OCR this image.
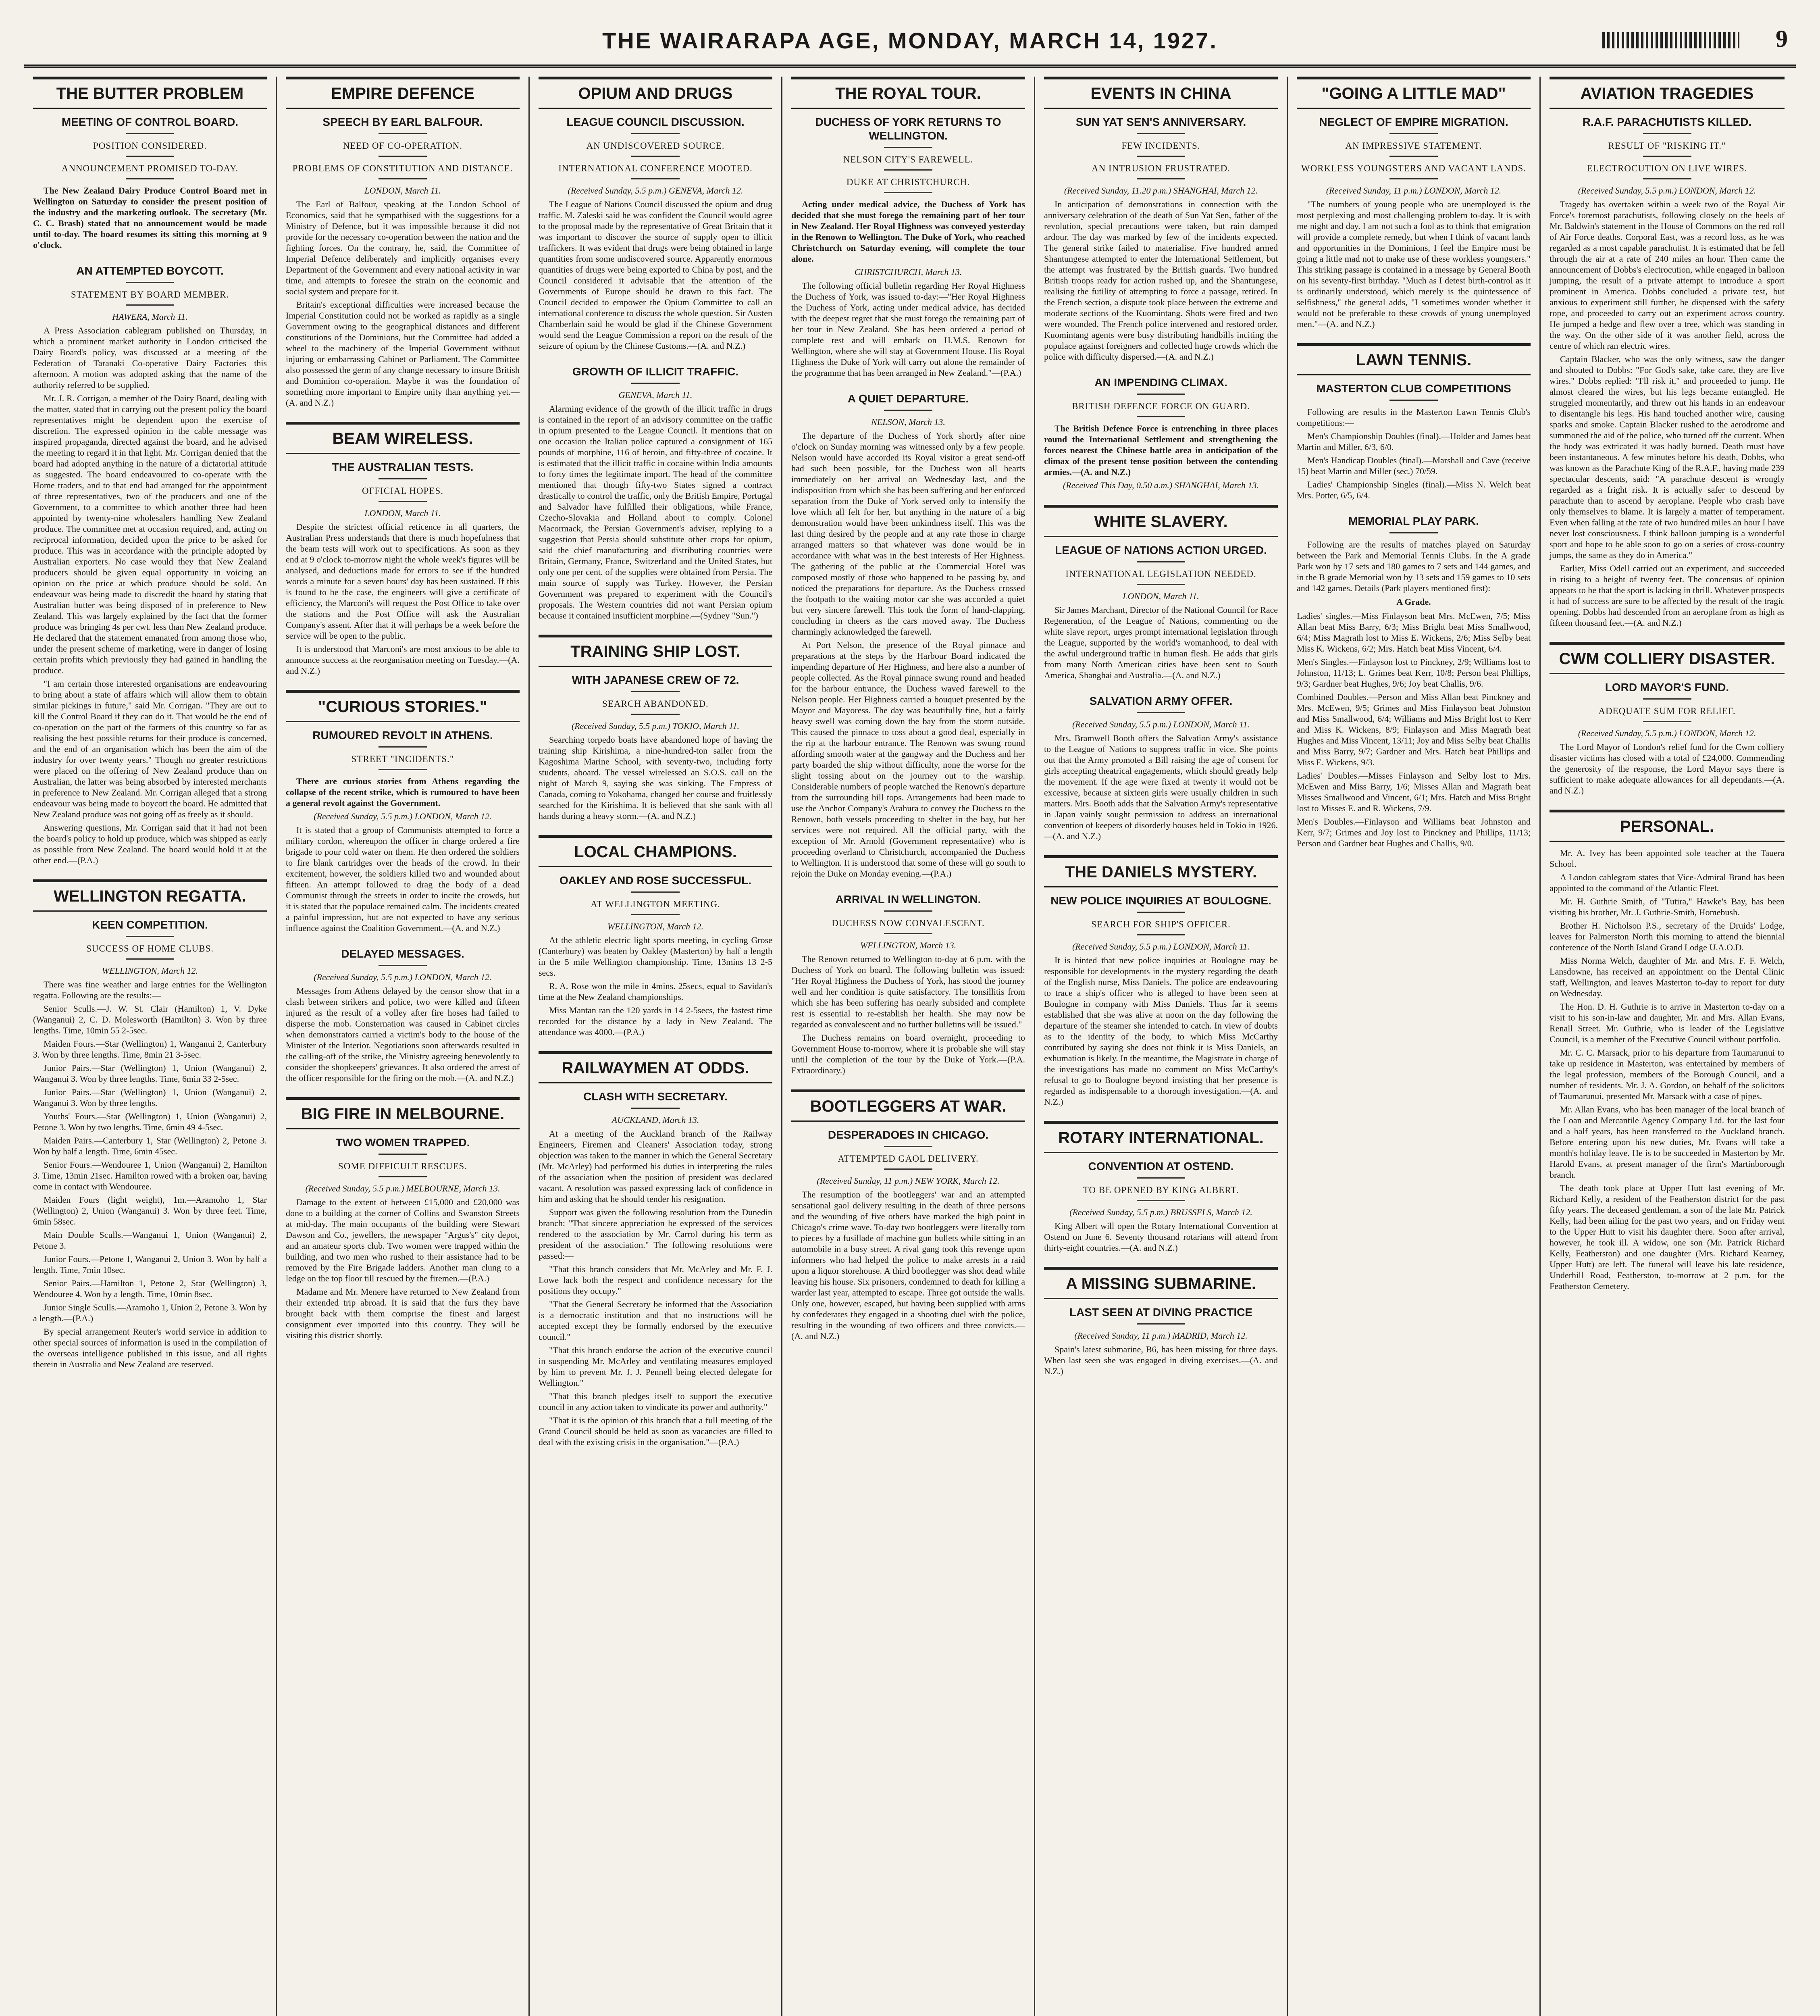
THE WAIRARAPA AGE, MONDAY, MARCH 14, 1927.	9
THE BUTTER PROBLEM
MEETING OF CONTROL BOARD.
POSITION CONSIDERED.
ANNOUNCEMENT PROMISED TO-DAY.

The New Zealand Dairy Produce Control Board met in Wellington on Saturday to consider the present position of the industry and the marketing outlook. The secretary (Mr. C. C. Brash) stated that no announcement would be made until to-day. The board resumes its sitting this morning at 9 o'clock.

AN ATTEMPTED BOYCOTT.
STATEMENT BY BOARD MEMBER.
HAWERA, March 11.

A Press Association cablegram published on Thursday, in which a prominent market authority in London criticised the Dairy Board's policy, was discussed at a meeting of the Federation of Taranaki Co-operative Dairy Factories this afternoon. A motion was adopted asking that the name of the authority referred to be supplied.

Mr. J. R. Corrigan, a member of the Dairy Board, dealing with the matter, stated that in carrying out the present policy the board representatives might be dependent upon the exercise of discretion. The expressed opinion in the cable message was inspired propaganda, directed against the board, and he advised the meeting to regard it in that light. Mr. Corrigan denied that the board had adopted anything in the nature of a dictatorial attitude as suggested. The board endeavoured to co-operate with the Home traders, and to that end had arranged for the appointment of three representatives, two of the producers and one of the Government, to a committee to which another three had been appointed by twenty-nine wholesalers handling New Zealand produce. The committee met at occasion required, and, acting on reciprocal information, decided upon the price to be asked for produce. This was in accordance with the principle adopted by Australian exporters. No case would they that New Zealand producers should be given equal opportunity in voicing an opinion on the price at which produce should be sold. An endeavour was being made to discredit the board by stating that Australian butter was being disposed of in preference to New Zealand. This was largely explained by the fact that the former produce was bringing 4s per cwt. less than New Zealand produce. He declared that the statement emanated from among those who, under the present scheme of marketing, were in danger of losing certain profits which previously they had gained in handling the produce.

"I am certain those interested organisations are endeavouring to bring about a state of affairs which will allow them to obtain similar pickings in future," said Mr. Corrigan. "They are out to kill the Control Board if they can do it. That would be the end of co-operation on the part of the farmers of this country so far as realising the best possible returns for their produce is concerned, and the end of an organisation which has been the aim of the industry for over twenty years." Though no greater restrictions were placed on the offering of New Zealand produce than on Australian, the latter was being absorbed by interested merchants in preference to New Zealand. Mr. Corrigan alleged that a strong endeavour was being made to boycott the board. He admitted that New Zealand produce was not going off as freely as it should.

Answering questions, Mr. Corrigan said that it had not been the board's policy to hold up produce, which was shipped as early as possible from New Zealand. The board would hold it at the other end.—(P.A.)

WELLINGTON REGATTA.
KEEN COMPETITION.
SUCCESS OF HOME CLUBS.
WELLINGTON, March 12.

There was fine weather and large entries for the Wellington regatta. Following are the results:—

Senior Sculls.—J. W. St. Clair (Hamilton) 1, V. Dyke (Wanganui) 2, C. D. Molesworth (Hamilton) 3. Won by three lengths. Time, 10min 55 2-5sec.

Maiden Fours.—Star (Wellington) 1, Wanganui 2, Canterbury 3. Won by three lengths. Time, 8min 21 3-5sec.

Junior Pairs.—Star (Wellington) 1, Union (Wanganui) 2, Wanganui 3. Won by three lengths. Time, 6min 33 2-5sec.

Junior Pairs.—Star (Wellington) 1, Union (Wanganui) 2, Wanganui 3. Won by three lengths.

Youths' Fours.—Star (Wellington) 1, Union (Wanganui) 2, Petone 3. Won by two lengths. Time, 6min 49 4-5sec.

Maiden Pairs.—Canterbury 1, Star (Wellington) 2, Petone 3. Won by half a length. Time, 6min 45sec.

Senior Fours.—Wendouree 1, Union (Wanganui) 2, Hamilton 3. Time, 13min 21sec. Hamilton rowed with a broken oar, having come in contact with Wendouree.

Maiden Fours (light weight), 1m.—Aramoho 1, Star (Wellington) 2, Union (Wanganui) 3. Won by three feet. Time, 6min 58sec.

Main Double Sculls.—Wanganui 1, Union (Wanganui) 2, Petone 3.

Junior Fours.—Petone 1, Wanganui 2, Union 3. Won by half a length. Time, 7min 10sec.

Senior Pairs.—Hamilton 1, Petone 2, Star (Wellington) 3, Wendouree 4. Won by a length. Time, 10min 8sec.

Junior Single Sculls.—Aramoho 1, Union 2, Petone 3. Won by a length.—(P.A.)

By special arrangement Reuter's world service in addition to other special sources of information is used in the compilation of the overseas intelligence published in this issue, and all rights therein in Australia and New Zealand are reserved.

EMPIRE DEFENCE
SPEECH BY EARL BALFOUR.
NEED OF CO-OPERATION.
PROBLEMS OF CONSTITUTION AND DISTANCE.
LONDON, March 11.

The Earl of Balfour, speaking at the London School of Economics, said that he sympathised with the suggestions for a Ministry of Defence, but it was impossible because it did not provide for the necessary co-operation between the nation and the fighting forces. On the contrary, he, said, the Committee of Imperial Defence deliberately and implicitly organises every Department of the Government and every national activity in war time, and attempts to foresee the strain on the economic and social system and prepare for it.

Britain's exceptional difficulties were increased because the Imperial Constitution could not be worked as rapidly as a single Government owing to the geographical distances and different constitutions of the Dominions, but the Committee had added a wheel to the machinery of the Imperial Government without injuring or embarrassing Cabinet or Parliament. The Committee also possessed the germ of any change necessary to insure British and Dominion co-operation. Maybe it was the foundation of something more important to Empire unity than anything yet.—(A. and N.Z.)

BEAM WIRELESS.
THE AUSTRALIAN TESTS.
OFFICIAL HOPES.
LONDON, March 11.

Despite the strictest official reticence in all quarters, the Australian Press understands that there is much hopefulness that the beam tests will work out to specifications. As soon as they end at 9 o'clock to-morrow night the whole week's figures will be analysed, and deductions made for errors to see if the hundred words a minute for a seven hours' day has been sustained. If this is found to be the case, the engineers will give a certificate of efficiency, the Marconi's will request the Post Office to take over the stations and the Post Office will ask the Australian Company's assent. After that it will perhaps be a week before the service will be open to the public.

It is understood that Marconi's are most anxious to be able to announce success at the reorganisation meeting on Tuesday.—(A. and N.Z.)

"CURIOUS STORIES."
RUMOURED REVOLT IN ATHENS.
STREET "INCIDENTS."

There are curious stories from Athens regarding the collapse of the recent strike, which is rumoured to have been a general revolt against the Government.

(Received Sunday, 5.5 p.m.) LONDON, March 12.

It is stated that a group of Communists attempted to force a military cordon, whereupon the officer in charge ordered a fire brigade to pour cold water on them. He then ordered the soldiers to fire blank cartridges over the heads of the crowd. In their excitement, however, the soldiers killed two and wounded about fifteen. An attempt followed to drag the body of a dead Communist through the streets in order to incite the crowds, but it is stated that the populace remained calm. The incidents created a painful impression, but are not expected to have any serious influence against the Coalition Government.—(A. and N.Z.)

DELAYED MESSAGES.
(Received Sunday, 5.5 p.m.) LONDON, March 12.

Messages from Athens delayed by the censor show that in a clash between strikers and police, two were killed and fifteen injured as the result of a volley after fire hoses had failed to disperse the mob. Consternation was caused in Cabinet circles when demonstrators carried a victim's body to the house of the Minister of the Interior. Negotiations soon afterwards resulted in the calling-off of the strike, the Ministry agreeing benevolently to consider the shopkeepers' grievances. It also ordered the arrest of the officer responsible for the firing on the mob.—(A. and N.Z.)

BIG FIRE IN MELBOURNE.
TWO WOMEN TRAPPED.
SOME DIFFICULT RESCUES.
(Received Sunday, 5.5 p.m.) MELBOURNE, March 13.

Damage to the extent of between £15,000 and £20,000 was done to a building at the corner of Collins and Swanston Streets at mid-day. The main occupants of the building were Stewart Dawson and Co., jewellers, the newspaper "Argus's" city depot, and an amateur sports club. Two women were trapped within the building, and two men who rushed to their assistance had to be removed by the Fire Brigade ladders. Another man clung to a ledge on the top floor till rescued by the firemen.—(P.A.)

Madame and Mr. Menere have returned to New Zealand from their extended trip abroad. It is said that the furs they have brought back with them comprise the finest and largest consignment ever imported into this country. They will be visiting this district shortly.

OPIUM AND DRUGS
LEAGUE COUNCIL DISCUSSION.
AN UNDISCOVERED SOURCE.
INTERNATIONAL CONFERENCE MOOTED.
(Received Sunday, 5.5 p.m.) GENEVA, March 12.

The League of Nations Council discussed the opium and drug traffic. M. Zaleski said he was confident the Council would agree to the proposal made by the representative of Great Britain that it was important to discover the source of supply open to illicit traffickers. It was evident that drugs were being obtained in large quantities from some undiscovered source. Apparently enormous quantities of drugs were being exported to China by post, and the Council considered it advisable that the attention of the Governments of Europe should be drawn to this fact. The Council decided to empower the Opium Committee to call an international conference to discuss the whole question. Sir Austen Chamberlain said he would be glad if the Chinese Government would send the League Commission a report on the result of the seizure of opium by the Chinese Customs.—(A. and N.Z.)

GROWTH OF ILLICIT TRAFFIC.
GENEVA, March 11.

Alarming evidence of the growth of the illicit traffic in drugs is contained in the report of an advisory committee on the traffic in opium presented to the League Council. It mentions that on one occasion the Italian police captured a consignment of 165 pounds of morphine, 116 of heroin, and fifty-three of cocaine. It is estimated that the illicit traffic in cocaine within India amounts to forty times the legitimate import. The head of the committee mentioned that though fifty-two States signed a contract drastically to control the traffic, only the British Empire, Portugal and Salvador have fulfilled their obligations, while France, Czecho-Slovakia and Holland about to comply. Colonel Macormack, the Persian Government's adviser, replying to a suggestion that Persia should substitute other crops for opium, said the chief manufacturing and distributing countries were Britain, Germany, France, Switzerland and the United States, but only one per cent. of the supplies were obtained from Persia. The main source of supply was Turkey. However, the Persian Government was prepared to experiment with the Council's proposals. The Western countries did not want Persian opium because it contained insufficient morphine.—(Sydney "Sun.")

TRAINING SHIP LOST.
WITH JAPANESE CREW OF 72.
SEARCH ABANDONED.
(Received Sunday, 5.5 p.m.) TOKIO, March 11.

Searching torpedo boats have abandoned hope of having the training ship Kirishima, a nine-hundred-ton sailer from the Kagoshima Marine School, with seventy-two, including forty students, aboard. The vessel wirelessed an S.O.S. call on the night of March 9, saying she was sinking. The Empress of Canada, coming to Yokohama, changed her course and fruitlessly searched for the Kirishima. It is believed that she sank with all hands during a heavy storm.—(A. and N.Z.)

LOCAL CHAMPIONS.
OAKLEY AND ROSE SUCCESSFUL.
AT WELLINGTON MEETING.
WELLINGTON, March 12.

At the athletic electric light sports meeting, in cycling Grose (Canterbury) was beaten by Oakley (Masterton) by half a length in the 5 mile Wellington championship. Time, 13mins 13 2-5 secs.

R. A. Rose won the mile in 4mins. 25secs, equal to Savidan's time at the New Zealand championships.

Miss Mantan ran the 120 yards in 14 2-5secs, the fastest time recorded for the distance by a lady in New Zealand. The attendance was 4000.—(P.A.)

RAILWAYMEN AT ODDS.
CLASH WITH SECRETARY.
AUCKLAND, March 13.

At a meeting of the Auckland branch of the Railway Engineers, Firemen and Cleaners' Association today, strong objection was taken to the manner in which the General Secretary (Mr. McArley) had performed his duties in interpreting the rules of the association when the position of president was declared vacant. A resolution was passed expressing lack of confidence in him and asking that he should tender his resignation.

Support was given the following resolution from the Dunedin branch: "That sincere appreciation be expressed of the services rendered to the association by Mr. Carrol during his term as president of the association." The following resolutions were passed:—

"That this branch considers that Mr. McArley and Mr. F. J. Lowe lack both the respect and confidence necessary for the positions they occupy."

"That the General Secretary be informed that the Association is a democratic institution and that no instructions will be accepted except they be formally endorsed by the executive council."

"That this branch endorse the action of the executive council in suspending Mr. McArley and ventilating measures employed by him to prevent Mr. J. J. Pennell being elected delegate for Wellington."

"That this branch pledges itself to support the executive council in any action taken to vindicate its power and authority."

"That it is the opinion of this branch that a full meeting of the Grand Council should be held as soon as vacancies are filled to deal with the existing crisis in the organisation."—(P.A.)

THE ROYAL TOUR.
DUCHESS OF YORK RETURNS TO WELLINGTON.
NELSON CITY'S FAREWELL.
DUKE AT CHRISTCHURCH.

Acting under medical advice, the Duchess of York has decided that she must forego the remaining part of her tour in New Zealand. Her Royal Highness was conveyed yesterday in the Renown to Wellington. The Duke of York, who reached Christchurch on Saturday evening, will complete the tour alone.

CHRISTCHURCH, March 13.

The following official bulletin regarding Her Royal Highness the Duchess of York, was issued to-day:—"Her Royal Highness the Duchess of York, acting under medical advice, has decided with the deepest regret that she must forego the remaining part of her tour in New Zealand. She has been ordered a period of complete rest and will embark on H.M.S. Renown for Wellington, where she will stay at Government House. His Royal Highness the Duke of York will carry out alone the remainder of the programme that has been arranged in New Zealand."—(P.A.)

A QUIET DEPARTURE.
NELSON, March 13.

The departure of the Duchess of York shortly after nine o'clock on Sunday morning was witnessed only by a few people. Nelson would have accorded its Royal visitor a great send-off had such been possible, for the Duchess won all hearts immediately on her arrival on Wednesday last, and the indisposition from which she has been suffering and her enforced separation from the Duke of York served only to intensify the love which all felt for her, but anything in the nature of a big demonstration would have been unkindness itself. This was the last thing desired by the people and at any rate those in charge arranged matters so that whatever was done would be in accordance with what was in the best interests of Her Highness. The gathering of the public at the Commercial Hotel was composed mostly of those who happened to be passing by, and noticed the preparations for departure. As the Duchess crossed the footpath to the waiting motor car she was accorded a quiet but very sincere farewell. This took the form of hand-clapping, concluding in cheers as the cars moved away. The Duchess charmingly acknowledged the farewell.

At Port Nelson, the presence of the Royal pinnace and preparations at the steps by the Harbour Board indicated the impending departure of Her Highness, and here also a number of people collected. As the Royal pinnace swung round and headed for the harbour entrance, the Duchess waved farewell to the Nelson people. Her Highness carried a bouquet presented by the Mayor and Mayoress. The day was beautifully fine, but a fairly heavy swell was coming down the bay from the storm outside. This caused the pinnace to toss about a good deal, especially in the rip at the harbour entrance. The Renown was swung round affording smooth water at the gangway and the Duchess and her party boarded the ship without difficulty, none the worse for the slight tossing about on the journey out to the warship. Considerable numbers of people watched the Renown's departure from the surrounding hill tops. Arrangements had been made to use the Anchor Company's Arahura to convey the Duchess to the Renown, both vessels proceeding to shelter in the bay, but her services were not required. All the official party, with the exception of Mr. Arnold (Government representative) who is proceeding overland to Christchurch, accompanied the Duchess to Wellington. It is understood that some of these will go south to rejoin the Duke on Monday evening.—(P.A.)

ARRIVAL IN WELLINGTON.
DUCHESS NOW CONVALESCENT.
WELLINGTON, March 13.

The Renown returned to Wellington to-day at 6 p.m. with the Duchess of York on board. The following bulletin was issued: "Her Royal Highness the Duchess of York, has stood the journey well and her condition is quite satisfactory. The tonsillitis from which she has been suffering has nearly subsided and complete rest is essential to re-establish her health. She may now be regarded as convalescent and no further bulletins will be issued."

The Duchess remains on board overnight, proceeding to Government House to-morrow, where it is probable she will stay until the completion of the tour by the Duke of York.—(P.A. Extraordinary.)

BOOTLEGGERS AT WAR.
DESPERADOES IN CHICAGO.
ATTEMPTED GAOL DELIVERY.
(Received Sunday, 11 p.m.) NEW YORK, March 12.

The resumption of the bootleggers' war and an attempted sensational gaol delivery resulting in the death of three persons and the wounding of five others have marked the high point in Chicago's crime wave. To-day two bootleggers were literally torn to pieces by a fusillade of machine gun bullets while sitting in an automobile in a busy street. A rival gang took this revenge upon informers who had helped the police to make arrests in a raid upon a liquor storehouse. A third bootlegger was shot dead while leaving his house. Six prisoners, condemned to death for killing a warder last year, attempted to escape. Three got outside the walls. Only one, however, escaped, but having been supplied with arms by confederates they engaged in a shooting duel with the police, resulting in the wounding of two officers and three convicts.—(A. and N.Z.)

EVENTS IN CHINA
SUN YAT SEN'S ANNIVERSARY.
FEW INCIDENTS.
AN INTRUSION FRUSTRATED.
(Received Sunday, 11.20 p.m.) SHANGHAI, March 12.

In anticipation of demonstrations in connection with the anniversary celebration of the death of Sun Yat Sen, father of the revolution, special precautions were taken, but rain damped ardour. The day was marked by few of the incidents expected. The general strike failed to materialise. Five hundred armed Shantungese attempted to enter the International Settlement, but the attempt was frustrated by the British guards. Two hundred British troops ready for action rushed up, and the Shantungese, realising the futility of attempting to force a passage, retired. In the French section, a dispute took place between the extreme and moderate sections of the Kuomintang. Shots were fired and two were wounded. The French police intervened and restored order. Kuomintang agents were busy distributing handbills inciting the populace against foreigners and collected huge crowds which the police with difficulty dispersed.—(A. and N.Z.)

AN IMPENDING CLIMAX.
BRITISH DEFENCE FORCE ON GUARD.

The British Defence Force is entrenching in three places round the International Settlement and strengthening the forces nearest the Chinese battle area in anticipation of the climax of the present tense position between the contending armies.—(A. and N.Z.)

(Received This Day, 0.50 a.m.) SHANGHAI, March 13.
WHITE SLAVERY.
LEAGUE OF NATIONS ACTION URGED.
INTERNATIONAL LEGISLATION NEEDED.
LONDON, March 11.

Sir James Marchant, Director of the National Council for Race Regeneration, of the League of Nations, commenting on the white slave report, urges prompt international legislation through the League, supported by the world's womanhood, to deal with the awful underground traffic in human flesh. He adds that girls from many North American cities have been sent to South America, Shanghai and Australia.—(A. and N.Z.)

SALVATION ARMY OFFER.
(Received Sunday, 5.5 p.m.) LONDON, March 11.

Mrs. Bramwell Booth offers the Salvation Army's assistance to the League of Nations to suppress traffic in vice. She points out that the Army promoted a Bill raising the age of consent for girls accepting theatrical engagements, which should greatly help the movement. If the age were fixed at twenty it would not be excessive, because at sixteen girls were usually children in such matters. Mrs. Booth adds that the Salvation Army's representative in Japan vainly sought permission to address an international convention of keepers of disorderly houses held in Tokio in 1926.—(A. and N.Z.)

THE DANIELS MYSTERY.
NEW POLICE INQUIRIES AT BOULOGNE.
SEARCH FOR SHIP'S OFFICER.
(Received Sunday, 5.5 p.m.) LONDON, March 11.

It is hinted that new police inquiries at Boulogne may be responsible for developments in the mystery regarding the death of the English nurse, Miss Daniels. The police are endeavouring to trace a ship's officer who is alleged to have been seen at Boulogne in company with Miss Daniels. Thus far it seems established that she was alive at noon on the day following the departure of the steamer she intended to catch. In view of doubts as to the identity of the body, to which Miss McCarthy contributed by saying she does not think it is Miss Daniels, an exhumation is likely. In the meantime, the Magistrate in charge of the investigations has made no comment on Miss McCarthy's refusal to go to Boulogne beyond insisting that her presence is regarded as indispensable to a thorough investigation.—(A. and N.Z.)

ROTARY INTERNATIONAL.
CONVENTION AT OSTEND.
TO BE OPENED BY KING ALBERT.
(Received Sunday, 5.5 p.m.) BRUSSELS, March 12.

King Albert will open the Rotary International Convention at Ostend on June 6. Seventy thousand rotarians will attend from thirty-eight countries.—(A. and N.Z.)

A MISSING SUBMARINE.
LAST SEEN AT DIVING PRACTICE
(Received Sunday, 11 p.m.) MADRID, March 12.

Spain's latest submarine, B6, has been missing for three days. When last seen she was engaged in diving exercises.—(A. and N.Z.)

"GOING A LITTLE MAD"
NEGLECT OF EMPIRE MIGRATION.
AN IMPRESSIVE STATEMENT.
WORKLESS YOUNGSTERS AND VACANT LANDS.
(Received Sunday, 11 p.m.) LONDON, March 12.

"The numbers of young people who are unemployed is the most perplexing and most challenging problem to-day. It is with me night and day. I am not such a fool as to think that emigration will provide a complete remedy, but when I think of vacant lands and opportunities in the Dominions, I feel the Empire must be going a little mad not to make use of these workless youngsters." This striking passage is contained in a message by General Booth on his seventy-first birthday. "Much as I detest birth-control as it is ordinarily understood, which merely is the quintessence of selfishness," the general adds, "I sometimes wonder whether it would not be preferable to these crowds of young unemployed men."—(A. and N.Z.)

LAWN TENNIS.
MASTERTON CLUB COMPETITIONS

Following are results in the Masterton Lawn Tennis Club's competitions:—

Men's Championship Doubles (final).—Holder and James beat Martin and Miller, 6/3, 6/0.

Men's Handicap Doubles (final).—Marshall and Cave (receive 15) beat Martin and Miller (sec.) 70/59.

Ladies' Championship Singles (final).—Miss N. Welch beat Mrs. Potter, 6/5, 6/4.

MEMORIAL PLAY PARK.

Following are the results of matches played on Saturday between the Park and Memorial Tennis Clubs. In the A grade Park won by 17 sets and 180 games to 7 sets and 144 games, and in the B grade Memorial won by 13 sets and 159 games to 10 sets and 142 games. Details (Park players mentioned first):

A Grade.

Ladies' singles.—Miss Finlayson beat Mrs. McEwen, 7/5; Miss Allan beat Miss Barry, 6/3; Miss Bright beat Miss Smallwood, 6/4; Miss Magrath lost to Miss E. Wickens, 2/6; Miss Selby beat Miss K. Wickens, 6/2; Mrs. Hatch beat Miss Vincent, 6/4.

Men's Singles.—Finlayson lost to Pinckney, 2/9; Williams lost to Johnston, 11/13; L. Grimes beat Kerr, 10/8; Person beat Phillips, 9/3; Gardner beat Hughes, 9/6; Joy beat Challis, 9/6.

Combined Doubles.—Person and Miss Allan beat Pinckney and Mrs. McEwen, 9/5; Grimes and Miss Finlayson beat Johnston and Miss Smallwood, 6/4; Williams and Miss Bright lost to Kerr and Miss K. Wickens, 8/9; Finlayson and Miss Magrath beat Hughes and Miss Vincent, 13/11; Joy and Miss Selby beat Challis and Miss Barry, 9/7; Gardner and Mrs. Hatch beat Phillips and Miss E. Wickens, 9/3.

Ladies' Doubles.—Misses Finlayson and Selby lost to Mrs. McEwen and Miss Barry, 1/6; Misses Allan and Magrath beat Misses Smallwood and Vincent, 6/1; Mrs. Hatch and Miss Bright lost to Misses E. and R. Wickens, 7/9.

Men's Doubles.—Finlayson and Williams beat Johnston and Kerr, 9/7; Grimes and Joy lost to Pinckney and Phillips, 11/13; Person and Gardner beat Hughes and Challis, 9/0.

AVIATION TRAGEDIES
R.A.F. PARACHUTISTS KILLED.
RESULT OF "RISKING IT."
ELECTROCUTION ON LIVE WIRES.
(Received Sunday, 5.5 p.m.) LONDON, March 12.

Tragedy has overtaken within a week two of the Royal Air Force's foremost parachutists, following closely on the heels of Mr. Baldwin's statement in the House of Commons on the red roll of Air Force deaths. Corporal East, was a record loss, as he was regarded as a most capable parachutist. It is estimated that he fell through the air at a rate of 240 miles an hour. Then came the announcement of Dobbs's electrocution, while engaged in balloon jumping, the result of a private attempt to introduce a sport prominent in America. Dobbs concluded a private test, but anxious to experiment still further, he dispensed with the safety rope, and proceeded to carry out an experiment across country. He jumped a hedge and flew over a tree, which was standing in the way. On the other side of it was another field, across the centre of which ran electric wires.

Captain Blacker, who was the only witness, saw the danger and shouted to Dobbs: "For God's sake, take care, they are live wires." Dobbs replied: "I'll risk it," and proceeded to jump. He almost cleared the wires, but his legs became entangled. He struggled momentarily, and threw out his hands in an endeavour to disentangle his legs. His hand touched another wire, causing sparks and smoke. Captain Blacker rushed to the aerodrome and summoned the aid of the police, who turned off the current. When the body was extricated it was badly burned. Death must have been instantaneous. A few minutes before his death, Dobbs, who was known as the Parachute King of the R.A.F., having made 239 spectacular descents, said: "A parachute descent is wrongly regarded as a fright risk. It is actually safer to descend by parachute than to ascend by aeroplane. People who crash have only themselves to blame. It is largely a matter of temperament. Even when falling at the rate of two hundred miles an hour I have never lost consciousness. I think balloon jumping is a wonderful sport and hope to be able soon to go on a series of cross-country jumps, the same as they do in America."

Earlier, Miss Odell carried out an experiment, and succeeded in rising to a height of twenty feet. The concensus of opinion appears to be that the sport is lacking in thrill. Whatever prospects it had of success are sure to be affected by the result of the tragic opening. Dobbs had descended from an aeroplane from as high as fifteen thousand feet.—(A. and N.Z.)

CWM COLLIERY DISASTER.
LORD MAYOR'S FUND.
ADEQUATE SUM FOR RELIEF.
(Received Sunday, 5.5 p.m.) LONDON, March 12.

The Lord Mayor of London's relief fund for the Cwm colliery disaster victims has closed with a total of £24,000. Commending the generosity of the response, the Lord Mayor says there is sufficient to make adequate allowances for all dependants.—(A. and N.Z.)

PERSONAL.

Mr. A. Ivey has been appointed sole teacher at the Tauera School.

A London cablegram states that Vice-Admiral Brand has been appointed to the command of the Atlantic Fleet.

Mr. H. Guthrie Smith, of "Tutira," Hawke's Bay, has been visiting his brother, Mr. J. Guthrie-Smith, Homebush.

Brother H. Nicholson P.S., secretary of the Druids' Lodge, leaves for Palmerston North this morning to attend the biennial conference of the North Island Grand Lodge U.A.O.D.

Miss Norma Welch, daughter of Mr. and Mrs. F. F. Welch, Lansdowne, has received an appointment on the Dental Clinic staff, Wellington, and leaves Masterton to-day to report for duty on Wednesday.

The Hon. D. H. Guthrie is to arrive in Masterton to-day on a visit to his son-in-law and daughter, Mr. and Mrs. Allan Evans, Renall Street. Mr. Guthrie, who is leader of the Legislative Council, is a member of the Executive Council without portfolio.

Mr. C. C. Marsack, prior to his departure from Taumarunui to take up residence in Masterton, was entertained by members of the legal profession, members of the Borough Council, and a number of residents. Mr. J. A. Gordon, on behalf of the solicitors of Taumarunui, presented Mr. Marsack with a case of pipes.

Mr. Allan Evans, who has been manager of the local branch of the Loan and Mercantile Agency Company Ltd. for the last four and a half years, has been transferred to the Auckland branch. Before entering upon his new duties, Mr. Evans will take a month's holiday leave. He is to be succeeded in Masterton by Mr. Harold Evans, at present manager of the firm's Martinborough branch.

The death took place at Upper Hutt last evening of Mr. Richard Kelly, a resident of the Featherston district for the past fifty years. The deceased gentleman, a son of the late Mr. Patrick Kelly, had been ailing for the past two years, and on Friday went to the Upper Hutt to visit his daughter there. Soon after arrival, however, he took ill. A widow, one son (Mr. Patrick Richard Kelly, Featherston) and one daughter (Mrs. Richard Kearney, Upper Hutt) are left. The funeral will leave his late residence, Underhill Road, Featherston, to-morrow at 2 p.m. for the Featherston Cemetery.
